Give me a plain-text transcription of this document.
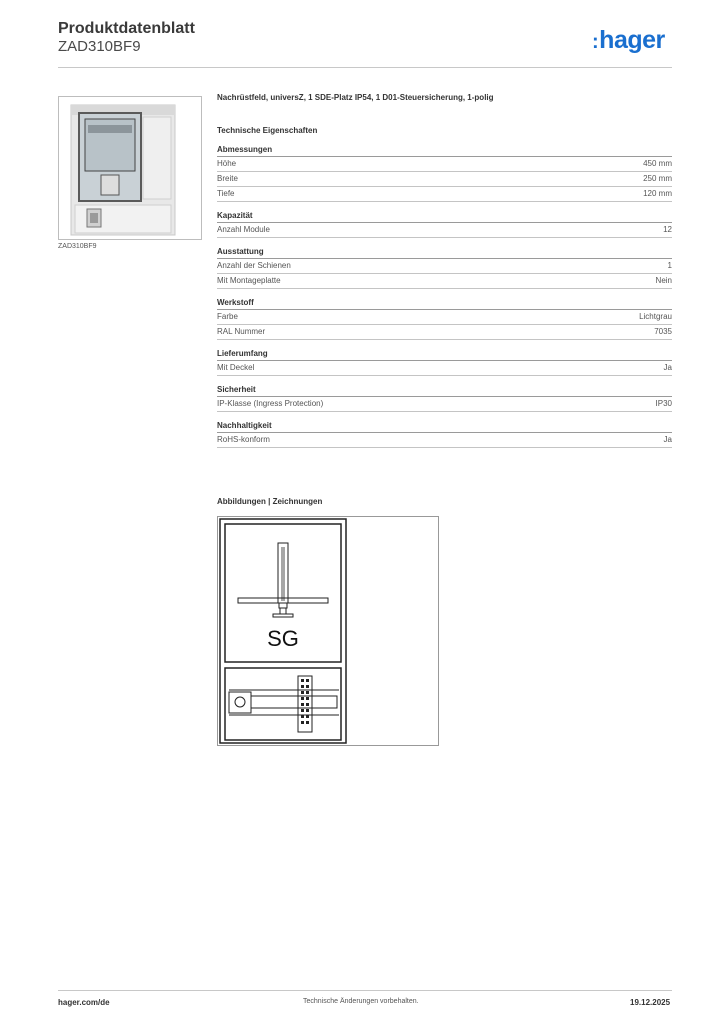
Produktdatenblatt
ZAD310BF9	:hager
ZAD310BF9
Nachrüstfeld, universZ, 1 SDE-Platz IP54, 1 D01-Steuersicherung, 1-polig
Technische Eigenschaften
Abmessungen
Höhe	450 mm
Breite	250 mm
Tiefe	120 mm
Kapazität
Anzahl Module	12
Ausstattung
Anzahl der Schienen	1
Mit Montageplatte	Nein
Werkstoff
Farbe	Lichtgrau
RAL Nummer	7035
Lieferumfang
Mit Deckel	Ja
Sicherheit
IP-Klasse (Ingress Protection)	IP30
Nachhaltigkeit
RoHS-konform	Ja
Abbildungen | Zeichnungen
SG
hager.com/de	Technische Änderungen vorbehalten.	19.12.2025
